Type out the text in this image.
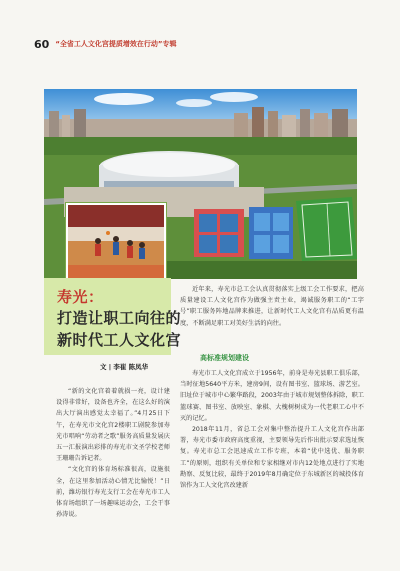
60 “全省工人文化宫提质增效在行动”专辑
寿光：
打造让职工向往的
新时代工人文化宫
文 | 李崔 陈凤华

“新的文化宫着着就损一亮，设计建设得非常好，设备也齐全，在这么好的演出大厅演出感觉太幸福了。”4月25日下午，在寿光市文化宫2楼职工剧院参加寿光市唱响“劳动者之歌”服务高质量发展庆五一汇报演出彩排的寿光市文圣学校老师王珊珊告诉记者。

“文化宫的体育场标准很高，设施很全，在这里参加活动心情无比愉悦！”日前，潍坊银行寿光支行工会在寿光市工人体育场组织了一场趣味运动会，工会干事孙涛说。

近年来，寿光市总工会认真贯彻落实上级工会工作要求，把高质量建设工人文化宫作为做强主责主业，竭诚服务职工的“工字号”职工服务阵地品牌来推进，让新时代工人文化宫有品质更有温度，不断满足职工对美好生活的向往。

高标准规划建设

寿光市工人文化宫成立于1956年，前身是寿光县职工俱乐部，当时征地5640平方米，建房9间，设有图书室、篮球场、游艺室。旧址位于城市中心繁华路段，2003年由于城市规划整体拆除，职工篮球赛、图书室、放映室、象棋、大槐树树成为一代老职工心中不灭的记忆。

2018年11月，省总工会对集中整治提升工人文化宫作出部署，寿光市委市政府高度重视，主要领导先后作出批示要求选址恢复。寿光市总工会迅速成立工作专班，本着“优中选优、服务职工”的原则，组织有关单位和专家相继对市内12处地点进行了实地勘察、反复比较，最终于2019年8月确定位于东城新区的城投体育馆作为工人文化宫改建新
